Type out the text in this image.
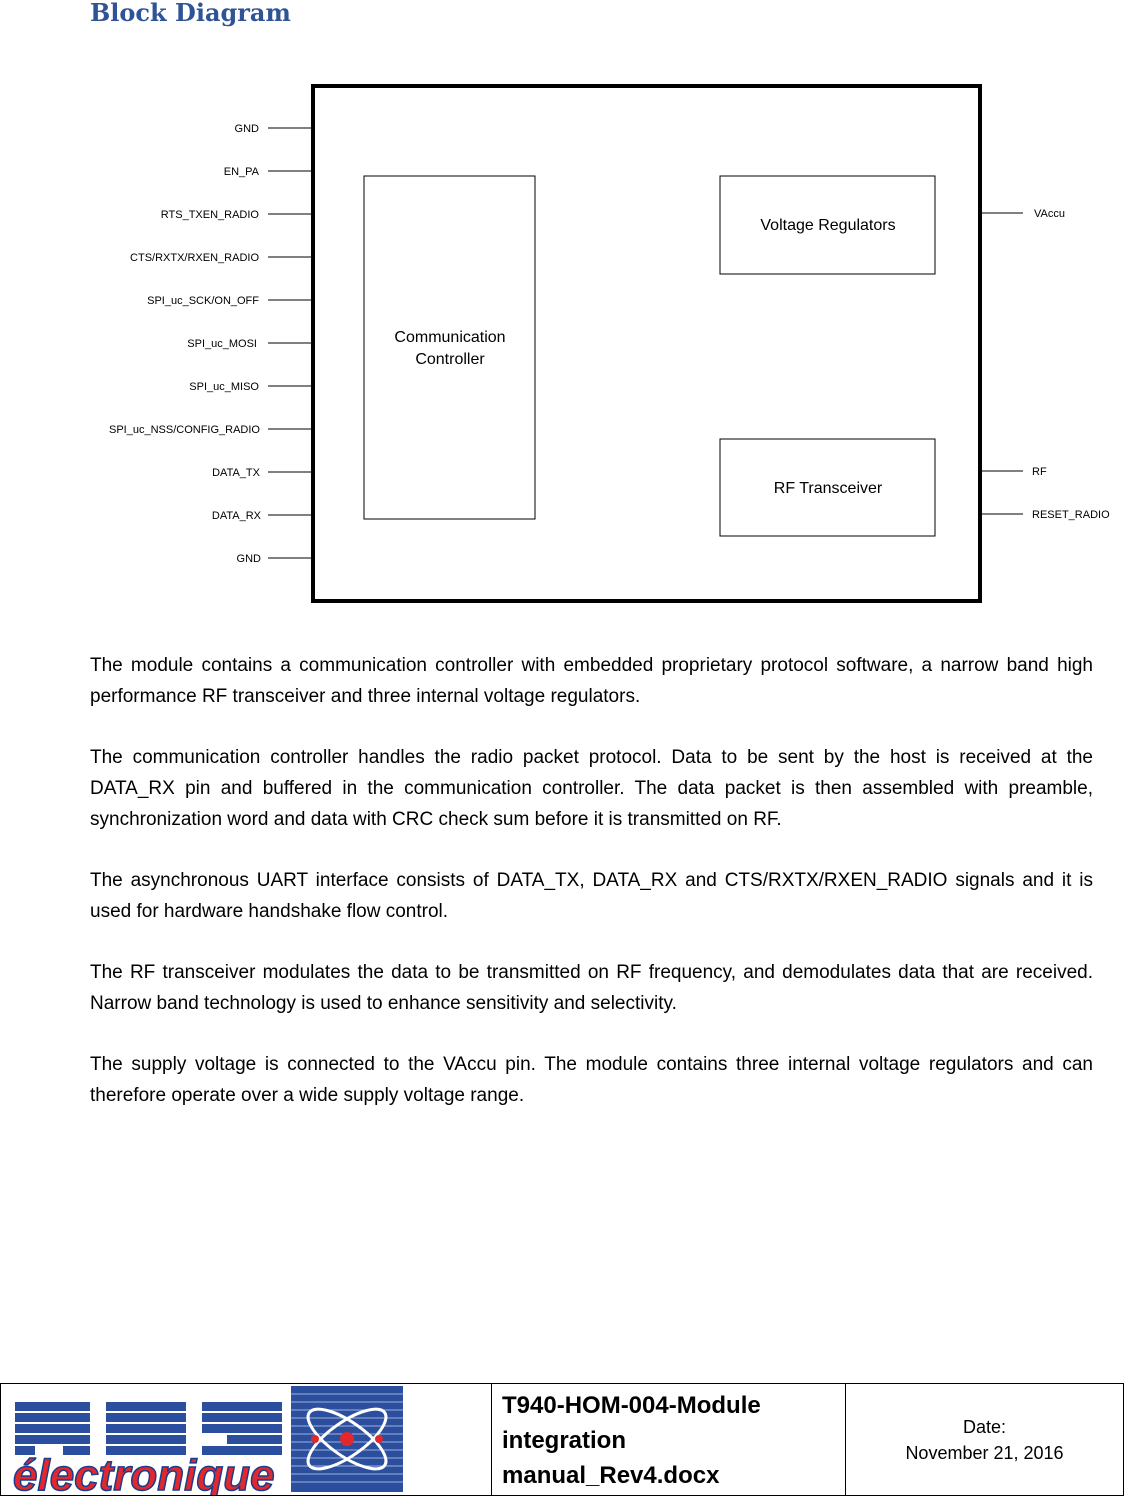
Block Diagram
GND
EN_PA
RTS_TXEN_RADIO
CTS/RXTX/RXEN_RADIO
SPI_uc_SCK/ON_OFF
SPI_uc_MOSI
SPI_uc_MISO
SPI_uc_NSS/CONFIG_RADIO
DATA_TX
DATA_RX
GND
VAccu
RF
RESET_RADIO
Communication
Controller
Voltage Regulators
RF Transceiver

The module contains a communication controller with embedded proprietary protocol software, a narrow band high performance RF transceiver and three internal voltage regulators.

The communication controller handles the radio packet protocol. Data to be sent by the host is received at the DATA_RX pin and buffered in the communication controller. The data packet is then assembled with preamble, synchronization word and data with CRC check sum before it is transmitted on RF.

The asynchronous UART interface consists of DATA_TX, DATA_RX and CTS/RXTX/RXEN_RADIO signals and it is used for hardware handshake flow control.

The RF transceiver modulates the data to be transmitted on RF frequency, and demodulates data that are received. Narrow band technology is used to enhance sensitivity and selectivity.

The supply voltage is connected to the VAccu pin. The module contains three internal voltage regulators and can therefore operate over a wide supply voltage range.

électronique
T940-HOM-004-Module integration manual_Rev4.docx
Date:
November 21, 2016
